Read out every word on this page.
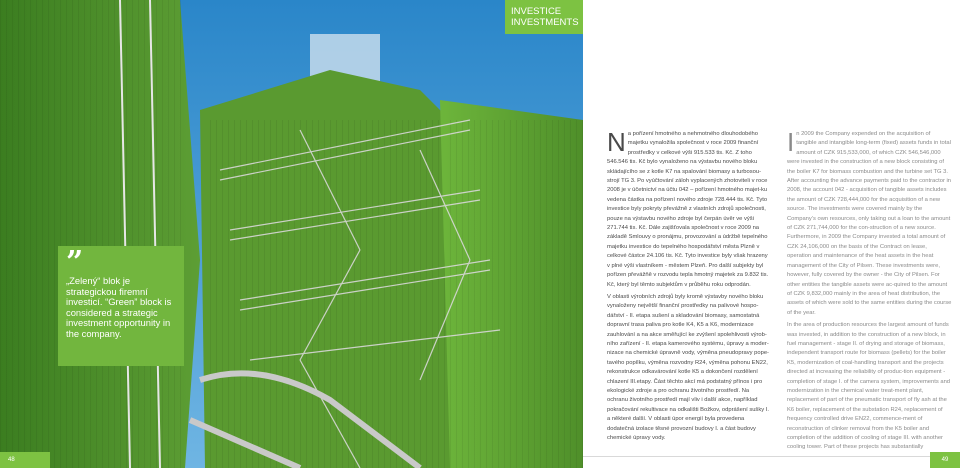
INVESTICE
INVESTMENTS
”
„Zelený“ blok je strategickou firemní investicí. “Green” block is considered a strategic investment opportunity in the company.
N a pořízení hmotného a nehmotného dlouhodobého majetku vynaložila společnost v roce 2009 finanční prostředky v celkové výši 915.533 tis. Kč. Z toho 546.546 tis. Kč bylo vynaloženo na výstavbu nového bloku skládajícího se z kotle K7 na spalování biomasy a turbosou-strojí TG 3. Po vyúčtování záloh vyplacených zhotoviteli v roce 2008 je v účetnictví na účtu 042 – pořízení hmotného majet-ku vedena částka na pořízení nového zdroje 728.444 tis. Kč. Tyto investice byly pokryty převážně z vlastních zdrojů společnosti, pouze na výstavbu nového zdroje byl čerpán úvěr ve výši 271.744 tis. Kč. Dále zajišťovala společnost v roce 2009 na základě Smlouvy o pronájmu, provozování a údržbě tepelného majetku investice do tepelného hospodářství města Plzně v celkové částce 24.106 tis. Kč. Tyto investice byly však hrazeny v plné výši vlastníkem - městem Plzeň. Pro další subjekty byl pořízen převážňě v rozvodu tepla hmotný majetek za 9.832 tis. Kč, který byl těmto subjektům v průběhu roku odprodán.

V oblasti výrobních zdrojů byly kromě výstavby nového bloku vynaloženy největší finanční prostředky na palivové hospo-dářství - II. etapa sušení a skladování biomasy, samostatná dopravní trasa paliva pro kotle K4, K5 a K6, modernizace zauhlování a na akce směřující ke zvýšení spolehlivosti výrob-ního zařízení - II. etapa kamerového systému, úpravy a moder-nizace na chemické úpravně vody, výměna pneudopravy pope-tavého popílku, výměna rozvodny R24, výměna pohonu EN22, rekonstrukce odkavárování kotle K5 a dokončení rozdělení chlazení III.etapy. Část těchto akcí má podstatný přínos i pro ekologické zdroje a pro ochranu životního prostředí. Na ochranu životního prostředí mají vliv i další akce, například pokračování rekultivace na odkališti Božkov, odprášení sušky I. a některé další. V oblasti úpor energií byla provedena dodatečná izolace těsné provozní budovy I. a část budovy chemické úpravy vody.

I n 2009 the Company expended on the acquisition of tangible and intangible long-term (fixed) assets funds in total amount of CZK 915,533,000, of which CZK 546,546,000 were invested in the construction of a new block consisting of the boiler K7 for biomass combustion and the turbine set TG 3. After accounting the advance payments paid to the contractor in 2008, the account 042 - acquisition of tangible assets includes the amount of CZK 728,444,000 for the acquisition of a new source. The investments were covered mainly by the Company’s own resources, only taking out a loan to the amount of CZK 271,744,000 for the con-struction of a new source. Furthermore, in 2009 the Company invested a total amount of CZK 24,106,000 on the basis of the Contract on lease, operation and maintenance of the heat assets in the heat management of the City of Pilsen. These investments were, however, fully covered by the owner - the City of Pilsen. For other entities the tangible assets were ac-quired to the amount of CZK 9,832,000 mainly in the area of heat distribution, the assets of which were sold to the same entities during the course of the year.

In the area of production resources the largest amount of funds was invested, in addition to the construction of a new block, in fuel management - stage II. of drying and storage of biomass, independent transport route for biomass (pellets) for the boiler K5, modernization of coal-handling transport and the projects directed at increasing the reliability of produc-tion equipment - completion of stage I. of the camera system, improvements and modernization in the chemical water treat-ment plant, replacement of part of the pneumatic transport of fly ash at the K6 boiler, replacement of the substation R24, replacement of frequency controlled drive EN22, commence-ment of reconstruction of clinker removal from the K5 boiler and completion of the addition of cooling of stage III. with another cooling tower. Part of these projects has substantially

48	49
